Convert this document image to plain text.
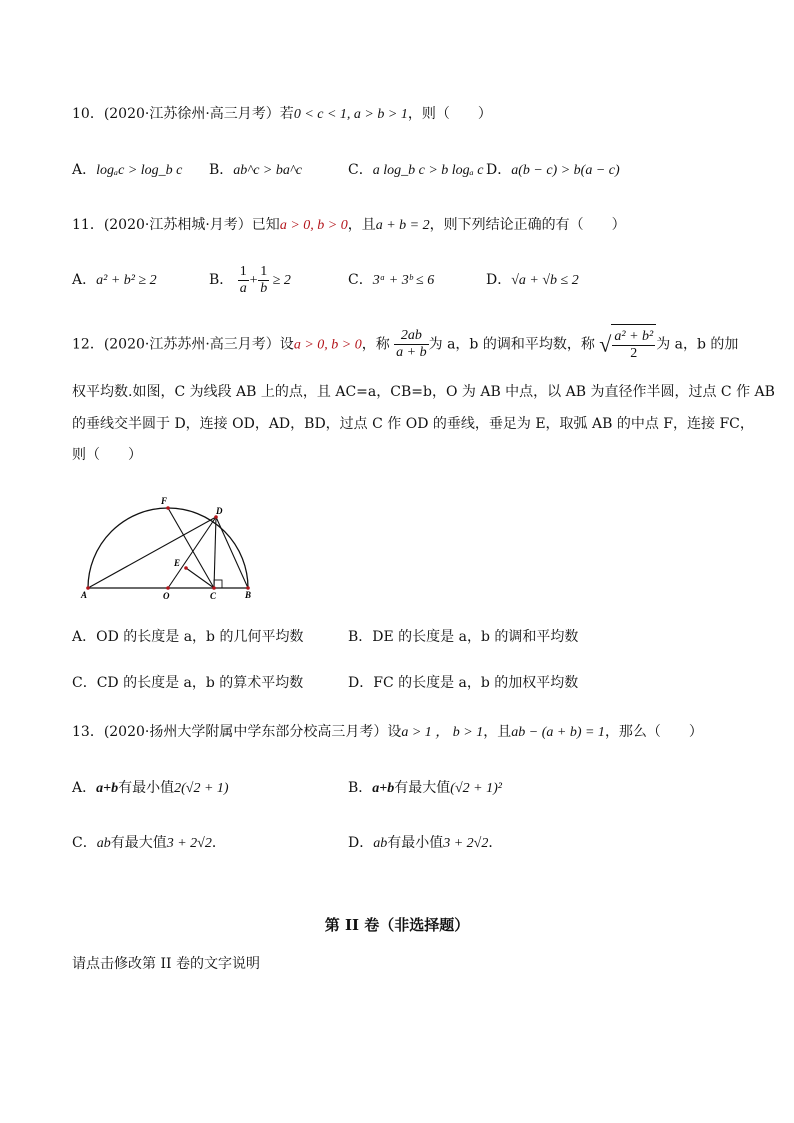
10．(2020·江苏徐州·高三月考）若0 < c < 1, a > b > 1，则（　　）
A．logₐc > log_b c B．ab^c > ba^c	C．a log_b c > b logₐ c D．a(b − c) > b(a − c)
11．(2020·江苏相城·月考）已知a > 0, b > 0，且a + b = 2，则下列结论正确的有（　　）
A．a² + b² ≥ 2	B． $\frac{1}{a} + \frac{1}{b} \ge 2$	C．3ᵃ + 3ᵇ ≤ 6	D．√a + √b ≤ 2
12．(2020·江苏苏州·高三月考）设a > 0, b > 0，称 $\frac{2ab}{a + b}$ 为 a，b 的调和平均数，称 √ $\frac{\text{a² + b²}}{2}$ 为 a，b 的加
权平均数.如图，C 为线段 AB 上的点，且 AC=a，CB=b，O 为 AB 中点，以 AB 为直径作半圆，过点 C 作 AB
的垂线交半圆于 D，连接 OD，AD，BD，过点 C 作 OD 的垂线，垂足为 E，取弧 AB 的中点 F，连接 FC，
则（　　）
F
D
E
A	O	C	B
A．OD 的长度是 a，b 的几何平均数	B．DE 的长度是 a，b 的调和平均数
C．CD 的长度是 a，b 的算术平均数	D．FC 的长度是 a，b 的加权平均数
13．(2020·扬州大学附属中学东部分校高三月考）设a > 1 ， b > 1，且ab − (a + b) = 1，那么（　　）
A．a+b有最小值2(√2 + 1)	B．a+b有最大值(√2 + 1)²
C．ab有最大值3 + 2√2．	D．ab有最小值3 + 2√2．
第 II 卷（非选择题）
请点击修改第 II 卷的文字说明
